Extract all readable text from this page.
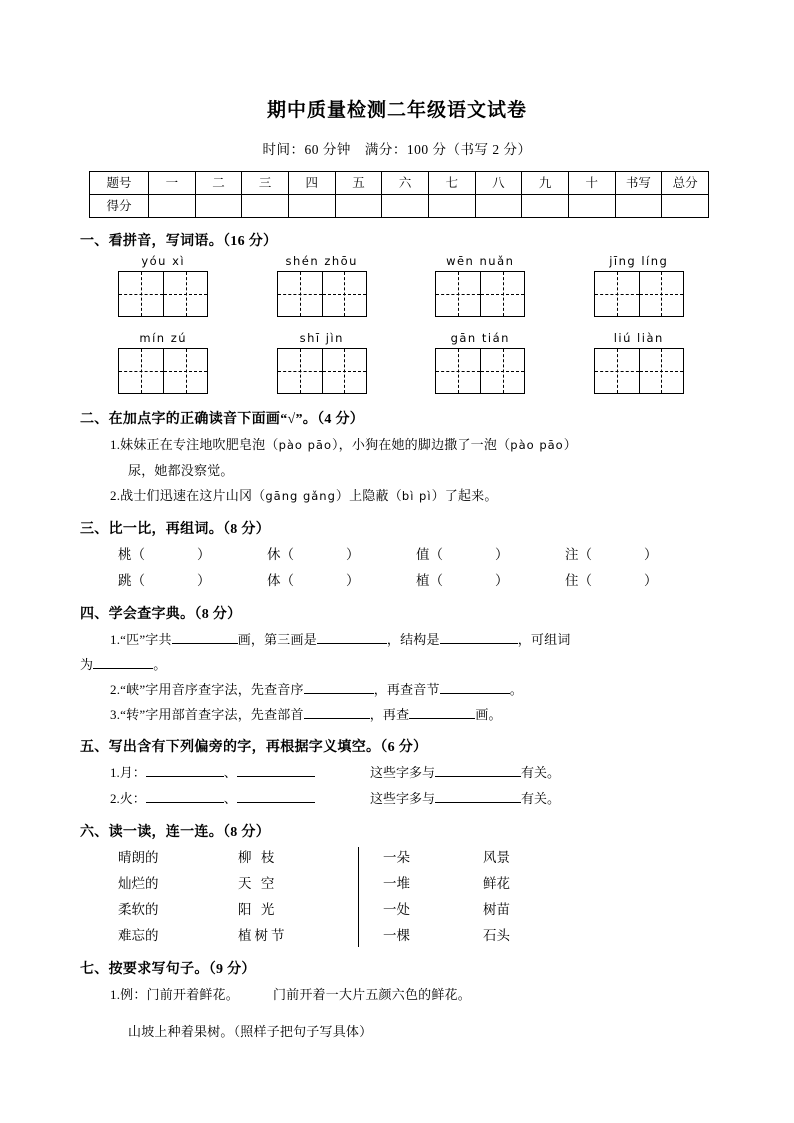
期中质量检测二年级语文试卷
时间：60 分钟　满分：100 分（书写 2 分）
题号	一	二	三	四	五	六	七	八	九	十	书写	总分
得分												
一、看拼音，写词语。（16 分）
yóu xì	shén zhōu	wēn nuǎn	jīng líng
mín zú	shī jìn	gān tián	liú liàn
二、在加点字的正确读音下面画“√”。（4 分）
1.妹妹正在专注地吹肥皂泡（pào pāo），小狗在她的脚边撒了一泡（pào pāo）
尿，她都没察觉。
2.战士们迅速在这片山冈（gāng gǎng）上隐蔽（bì pì）了起来。
三、比一比，再组词。（8 分）
桃（	）	休（	）	值（	）	注（	）
跳（	）	体（	）	植（	）	住（	）
四、学会查字典。（8 分）
1.“匹”字共	画，第三画是	，结构是	，可组词
为	。
2.“峡”字用音序查字法，先查音序	，再查音节	。
3.“转”字用部首查字法，先查部首	，再查	画。
五、写出含有下列偏旁的字，再根据字义填空。（6 分）
1.月：	、	这些字多与	有关。
2.火：	、	这些字多与	有关。
六、读一读，连一连。（8 分）
晴朗的	柳 枝
灿烂的	天 空
柔软的	阳 光
难忘的	植树节
一朵	风景
一堆	鲜花
一处	树苗
一棵	石头
七、按要求写句子。（9 分）
1.例：门前开着鲜花。	门前开着一大片五颜六色的鲜花。
山坡上种着果树。（照样子把句子写具体）
